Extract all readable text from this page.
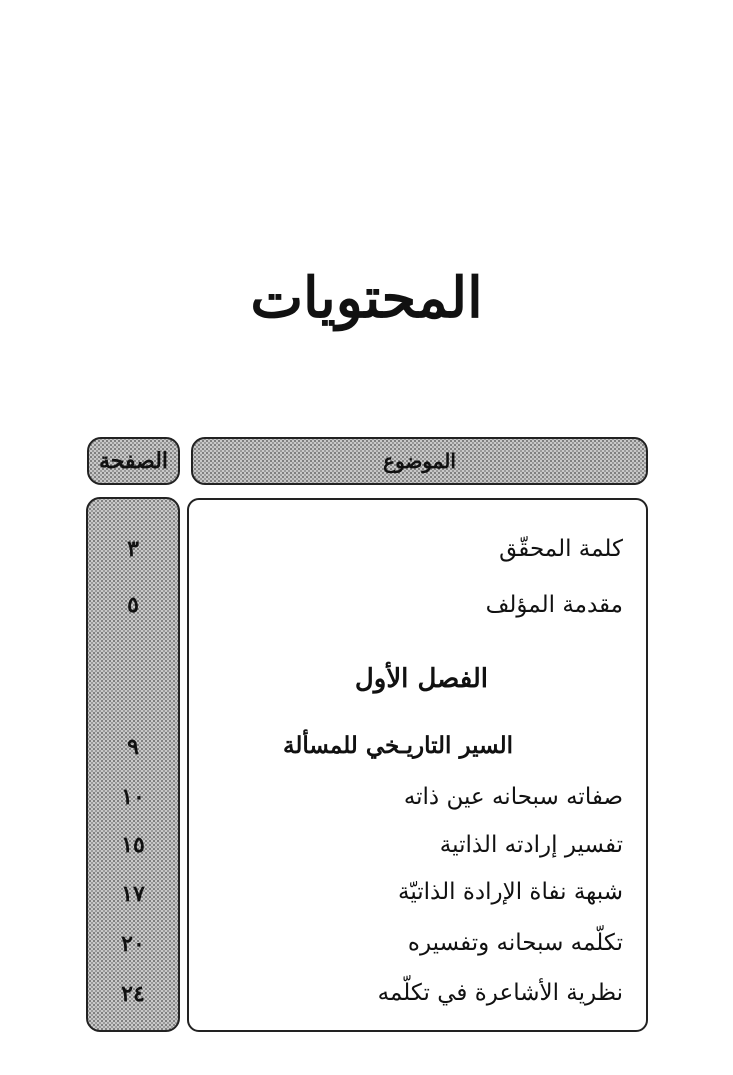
المحتويات
الصفحة	الموضوع
كلمة المحقّق
٣
مقدمة المؤلف
٥
الفصل الأول
السير التاريـخي للمسألة
٩
صفاته سبحانه عين ذاته
١٠
تفسير إرادته الذاتية
١٥
شبهة نفاة الإرادة الذاتيّة
١٧
تكلّمه سبحانه وتفسيره
٢٠
نظرية الأشاعرة في تكلّمه
٢٤
